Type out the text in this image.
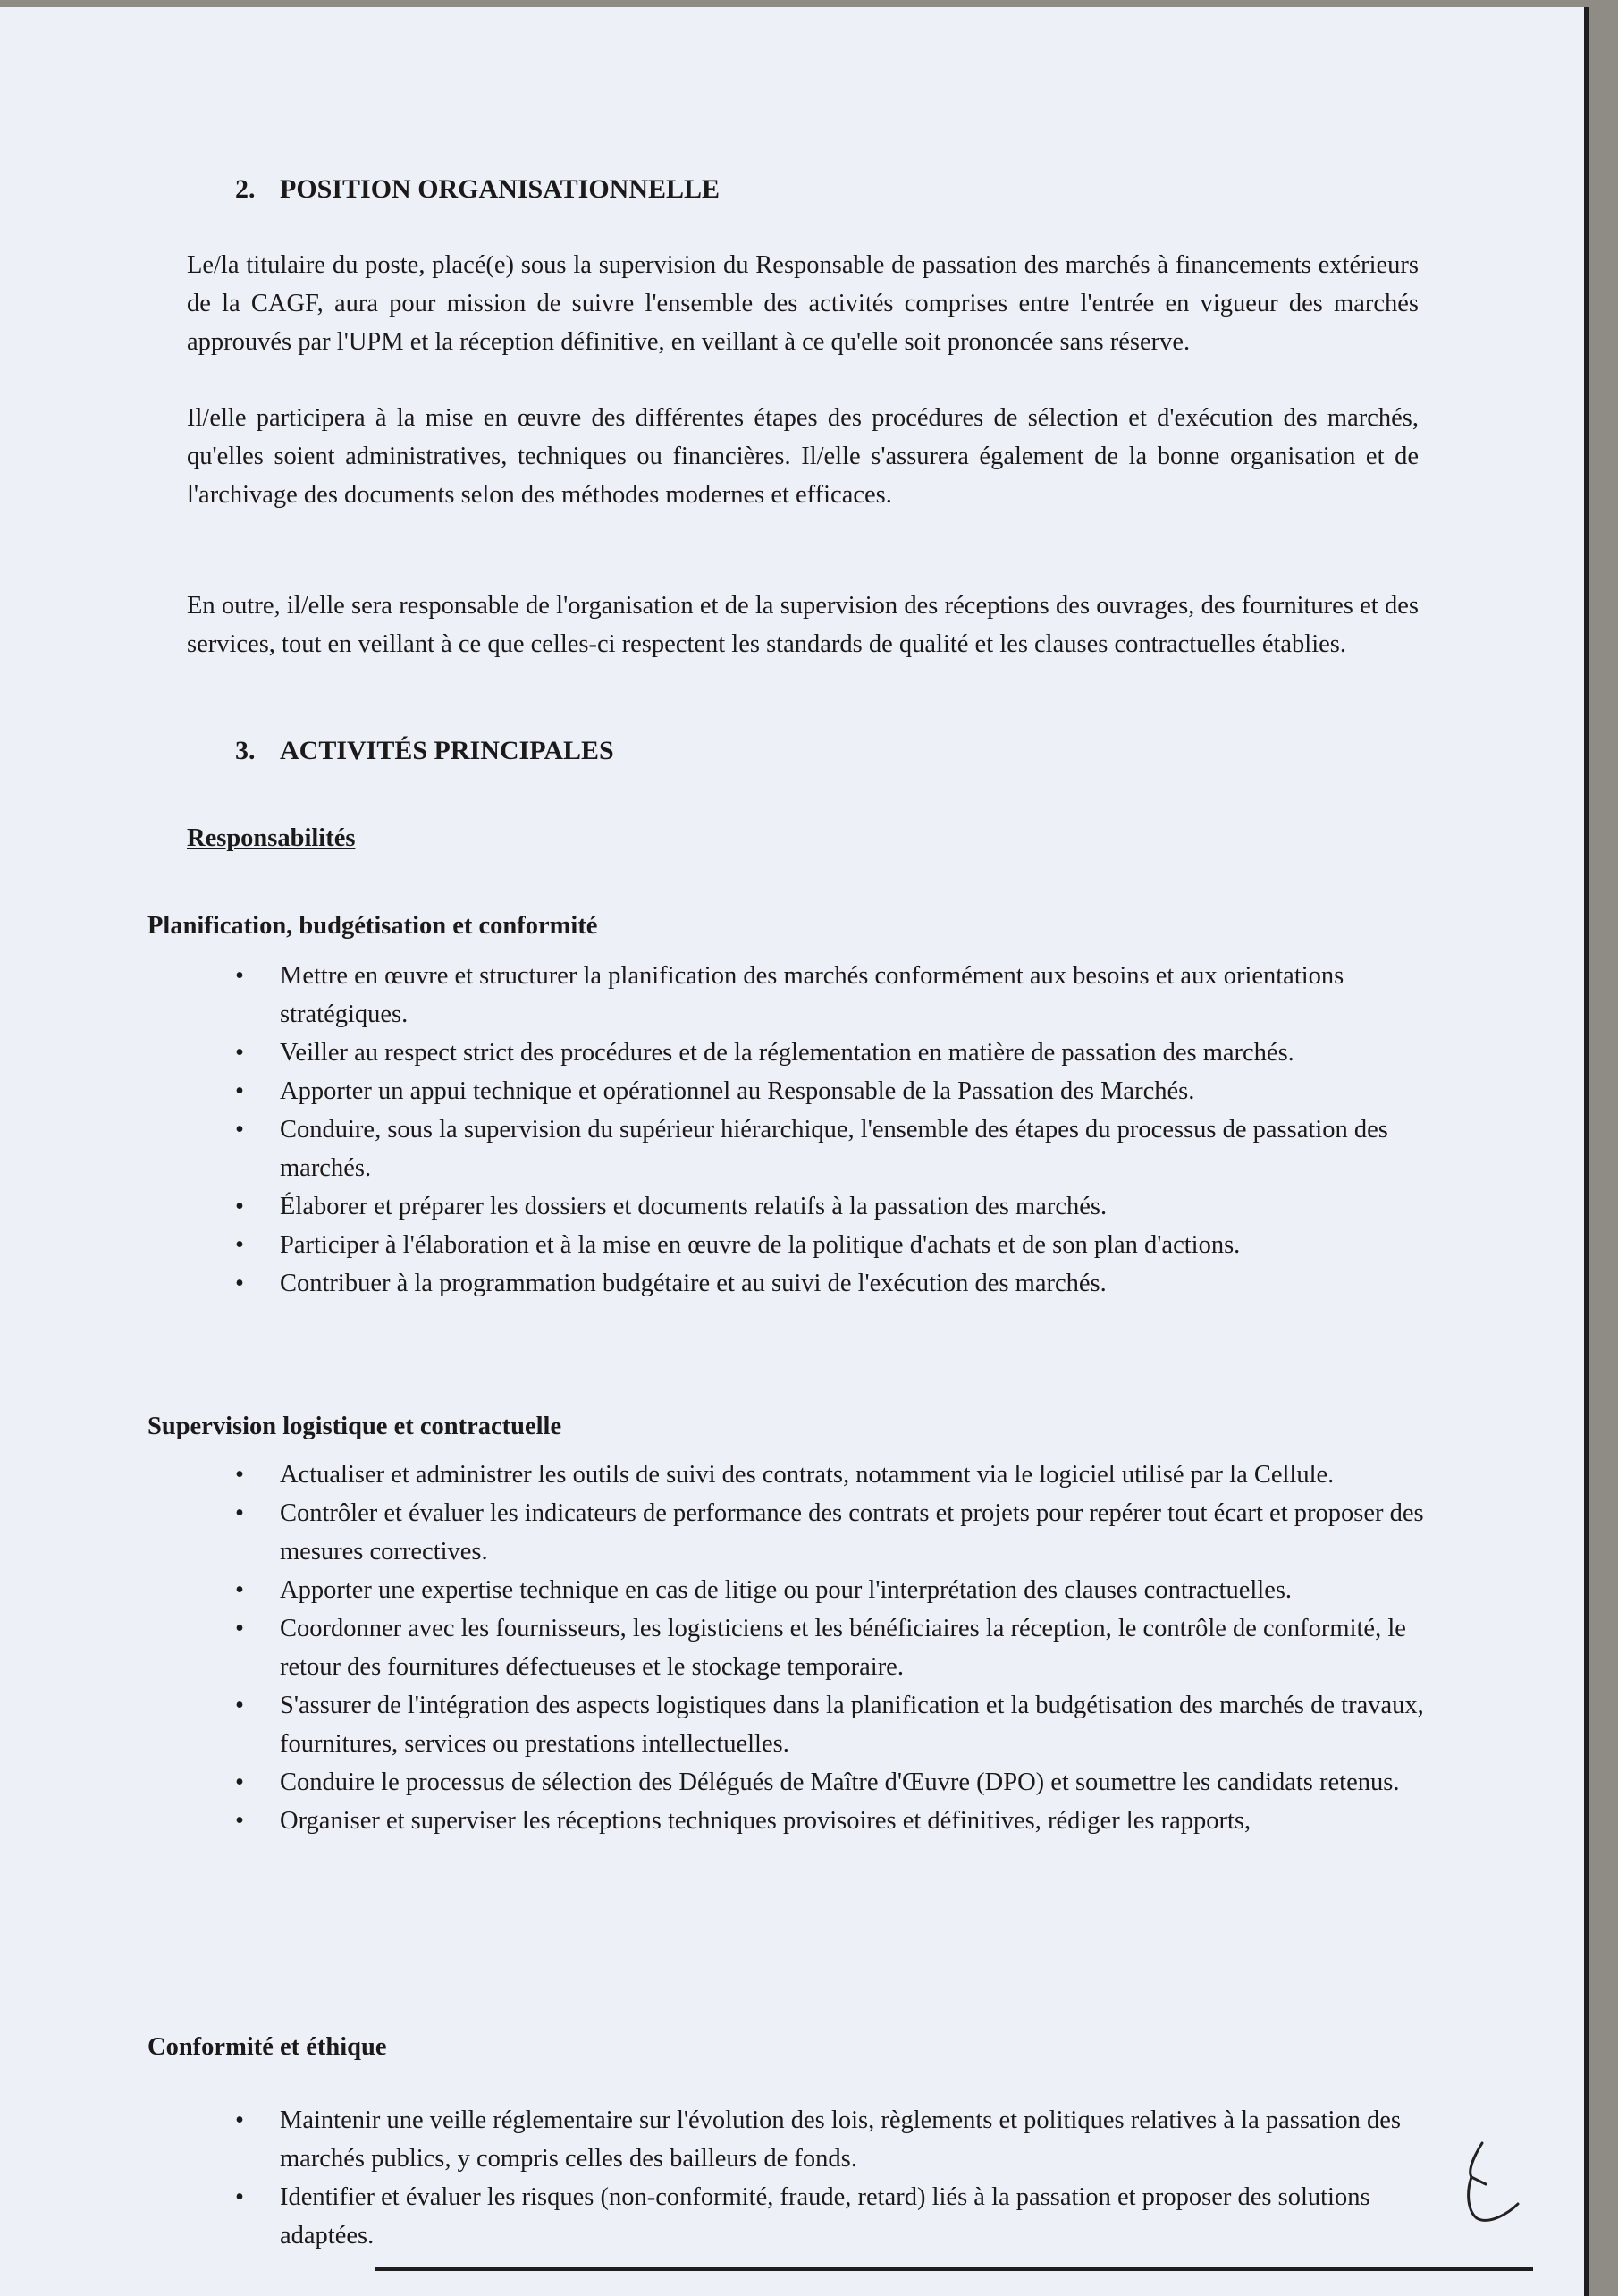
2. POSITION ORGANISATIONNELLE
Le/la titulaire du poste, placé(e) sous la supervision du Responsable de passation des marchés à financements extérieurs de la CAGF, aura pour mission de suivre l'ensemble des activités comprises entre l'entrée en vigueur des marchés approuvés par l'UPM et la réception définitive, en veillant à ce qu'elle soit prononcée sans réserve.
Il/elle participera à la mise en œuvre des différentes étapes des procédures de sélection et d'exécution des marchés, qu'elles soient administratives, techniques ou financières. Il/elle s'assurera également de la bonne organisation et de l'archivage des documents selon des méthodes modernes et efficaces.
En outre, il/elle sera responsable de l'organisation et de la supervision des réceptions des ouvrages, des fournitures et des services, tout en veillant à ce que celles-ci respectent les standards de qualité et les clauses contractuelles établies.
3. ACTIVITÉS PRINCIPALES
Responsabilités
Planification, budgétisation et conformité
• Mettre en œuvre et structurer la planification des marchés conformément aux besoins et aux orientations stratégiques.
• Veiller au respect strict des procédures et de la réglementation en matière de passation des marchés.
• Apporter un appui technique et opérationnel au Responsable de la Passation des Marchés.
• Conduire, sous la supervision du supérieur hiérarchique, l'ensemble des étapes du processus de passation des marchés.
• Élaborer et préparer les dossiers et documents relatifs à la passation des marchés.
• Participer à l'élaboration et à la mise en œuvre de la politique d'achats et de son plan d'actions.
• Contribuer à la programmation budgétaire et au suivi de l'exécution des marchés.
Supervision logistique et contractuelle
• Actualiser et administrer les outils de suivi des contrats, notamment via le logiciel utilisé par la Cellule.
• Contrôler et évaluer les indicateurs de performance des contrats et projets pour repérer tout écart et proposer des mesures correctives.
• Apporter une expertise technique en cas de litige ou pour l'interprétation des clauses contractuelles.
• Coordonner avec les fournisseurs, les logisticiens et les bénéficiaires la réception, le contrôle de conformité, le retour des fournitures défectueuses et le stockage temporaire.
• S'assurer de l'intégration des aspects logistiques dans la planification et la budgétisation des marchés de travaux, fournitures, services ou prestations intellectuelles.
• Conduire le processus de sélection des Délégués de Maître d'Œuvre (DPO) et soumettre les candidats retenus.
• Organiser et superviser les réceptions techniques provisoires et définitives, rédiger les rapports,
Conformité et éthique
• Maintenir une veille réglementaire sur l'évolution des lois, règlements et politiques relatives à la passation des marchés publics, y compris celles des bailleurs de fonds.
• Identifier et évaluer les risques (non-conformité, fraude, retard) liés à la passation et proposer des solutions adaptées.
